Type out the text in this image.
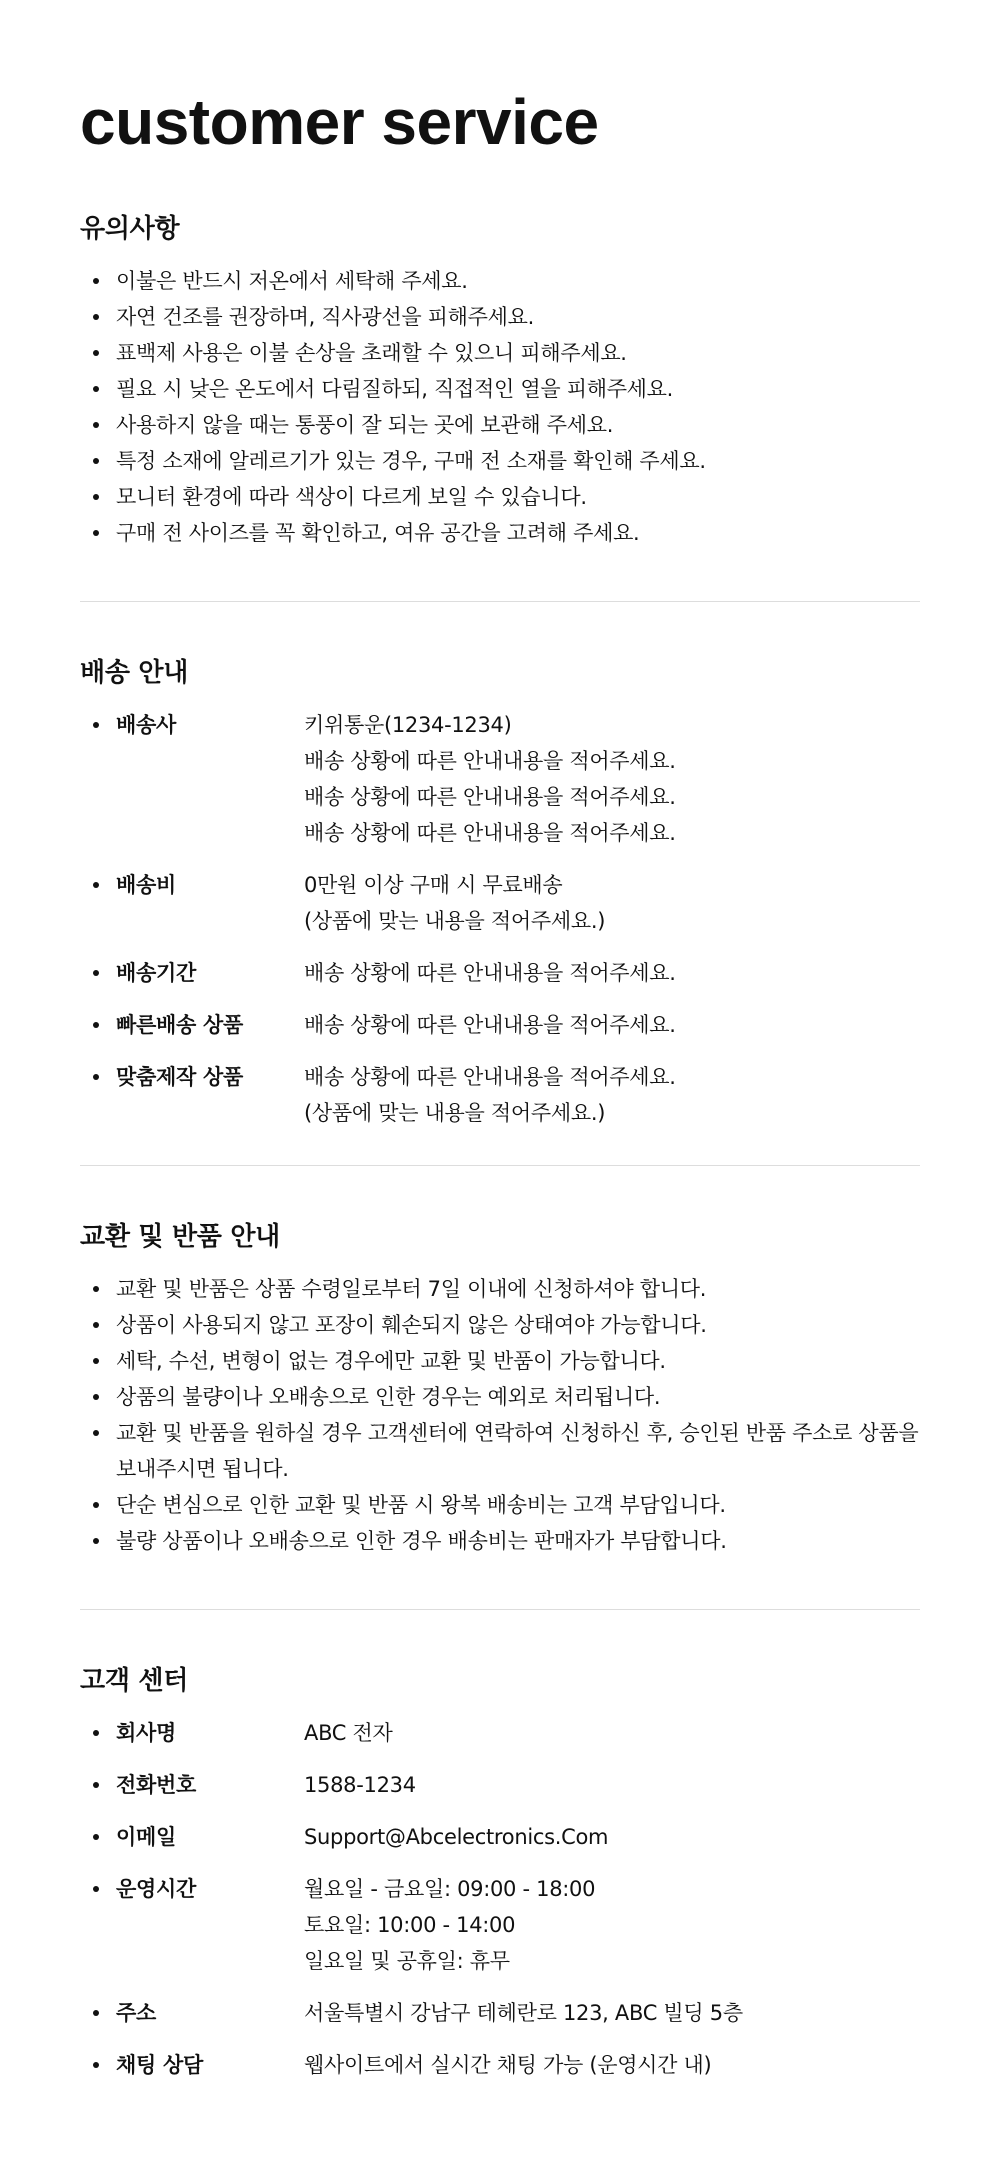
customer service
유의사항
이불은 반드시 저온에서 세탁해 주세요.
자연 건조를 권장하며, 직사광선을 피해주세요.
표백제 사용은 이불 손상을 초래할 수 있으니 피해주세요.
필요 시 낮은 온도에서 다림질하되, 직접적인 열을 피해주세요.
사용하지 않을 때는 통풍이 잘 되는 곳에 보관해 주세요.
특정 소재에 알레르기가 있는 경우, 구매 전 소재를 확인해 주세요.
모니터 환경에 따라 색상이 다르게 보일 수 있습니다.
구매 전 사이즈를 꼭 확인하고, 여유 공간을 고려해 주세요.
배송 안내
배송사	키위통운(1234-1234)
배송 상황에 따른 안내내용을 적어주세요.
배송 상황에 따른 안내내용을 적어주세요.
배송 상황에 따른 안내내용을 적어주세요.
배송비	0만원 이상 구매 시 무료배송
(상품에 맞는 내용을 적어주세요.)
배송기간	배송 상황에 따른 안내내용을 적어주세요.
빠른배송 상품	배송 상황에 따른 안내내용을 적어주세요.
맞춤제작 상품	배송 상황에 따른 안내내용을 적어주세요.
(상품에 맞는 내용을 적어주세요.)
교환 및 반품 안내
교환 및 반품은 상품 수령일로부터 7일 이내에 신청하셔야 합니다.
상품이 사용되지 않고 포장이 훼손되지 않은 상태여야 가능합니다.
세탁, 수선, 변형이 없는 경우에만 교환 및 반품이 가능합니다.
상품의 불량이나 오배송으로 인한 경우는 예외로 처리됩니다.
교환 및 반품을 원하실 경우 고객센터에 연락하여 신청하신 후, 승인된 반품 주소로 상품을 보내주시면 됩니다.
단순 변심으로 인한 교환 및 반품 시 왕복 배송비는 고객 부담입니다.
불량 상품이나 오배송으로 인한 경우 배송비는 판매자가 부담합니다.
고객 센터
회사명	ABC 전자
전화번호	1588-1234
이메일	Support@Abcelectronics.Com
운영시간	월요일 - 금요일: 09:00 - 18:00
토요일: 10:00 - 14:00
일요일 및 공휴일: 휴무
주소	서울특별시 강남구 테헤란로 123, ABC 빌딩 5층
채팅 상담	웹사이트에서 실시간 채팅 가능 (운영시간 내)
